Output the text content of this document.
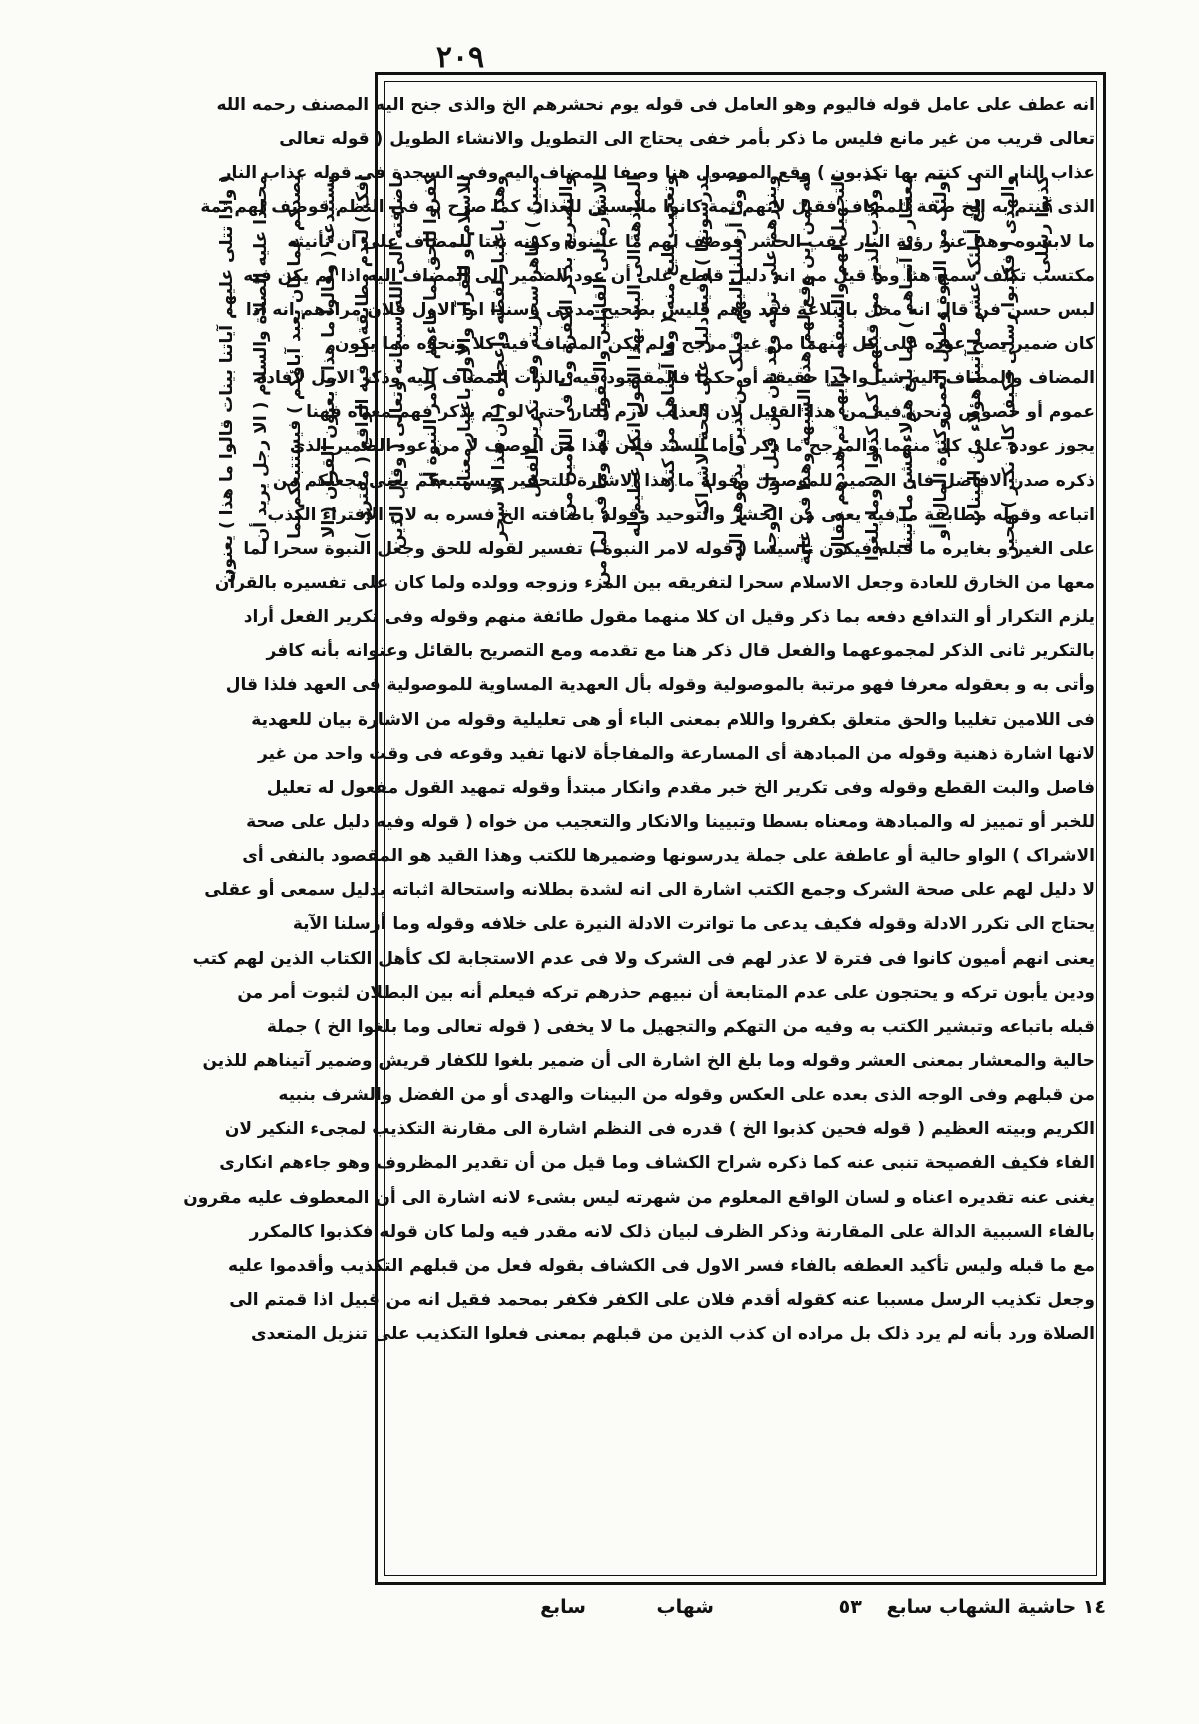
٢٠٩
انه عطف على عامل قوله فالیوم وهو العامل فی قوله یوم نحشرهم الخ والذی جنح الیه المصنف رحمه الله
تعالی قریب من غیر مانع فلیس ما ذکر بأمر خفی یحتاج الی التطویل والانشاء الطویل ( قوله تعالی
عذاب النار التی کنتم بها تکذبون ) وقع الموصول هنا وصفا للمضاف الیه وفی السجدة فی قوله عذاب النار
الذی کنتم به الخ صفة للمضاف فقیل لانهم ثمة کانوا ملابسین للعذاب کما صرح به فی النظم فوصف لهم ثمة
ما لابسوه وهنا عند رؤیة النار عقب الحشر فوصف لهم ما عاینوه وکونه نعتا للمضاف علی أن تأنیثه
مکتسب تکلف سمج هنا وما قیل من انه دلیل قاطع علی أن عود الضمیر الی المضاف الیه اذا لم یکن فیه
لبس حسن فن قال انه مخل بالبلاغة فقد وهم فلیس بصحیح مدعی وسندا اما الاول فلان مرادهم انه اذا
کان ضمیر یصح عوده علی کل منهما من غیر مرجح ولم یکن المضاف فیه کلا ونحوه مما یکون
المضاف والمضاف الیه شیأ واحدا حقیقة أو حکما فالمقصود فیه بالذات المضاف الیه وذکر الاول لافادة
عموم أو خصوص ونحن فیه من هذا القبیل لان العذاب لازم للنار حتی لو لم یذکر فهم معناه فهنا
یجوز عوده علی کل منهما والمرجح ما ذکر وأما السند فلان هذا من الوصف لا من عود الضمیر الذی
ذکره صدر الافاضل فان الضمیر للموصول وقوله ما هذا الاشارة للتحقیر ویستتبعکم یعنی یجعلکم من
اتباعه وقوله مطابقة ما فیه یعنی من الحشر والتوحید وقوله باضافته الخ فسره به لان الافتراء الکذب
علی الغیر و بغایره ما قبله فیکون تأسیسا ( قوله لامر النبوة ) تفسیر لقوله للحق وجعل النبوة سحرا لما
معها من الخارق للعادة وجعل الاسلام سحرا لتفریقه بین المرء وزوجه وولده ولما کان علی تفسیره بالقرآن
یلزم التکرار أو التدافع دفعه بما ذکر وقیل ان کلا منهما مقول طائفة منهم وقوله وفی تکریر الفعل أراد
بالتکریر ثانی الذکر لمجموعهما والفعل قال ذکر هنا مع تقدمه ومع التصریح بالقائل وعنوانه بأنه کافر
وأتی به و بعقوله معرفا فهو مرتبة بالموصولیة وقوله بأل العهدیة المساویة للموصولیة فی العهد فلذا قال
فی اللامین تغلیبا والحق متعلق بکفروا واللام بمعنی الباء أو هی تعلیلیة وقوله من الاشارة بیان للعهدیة
لانها اشارة ذهنیة وقوله من المبادهة أی المسارعة والمفاجأة لانها تفید وقوعه فی وقت واحد من غیر
فاصل والبت القطع وقوله وفی تکریر الخ خبر مقدم وانکار مبتدأ وقوله تمهید القول مفعول له تعلیل
للخبر أو تمییز له والمبادهة ومعناه بسطا وتبیینا والانکار والتعجیب من خواه ( قوله وفیه دلیل علی صحة
الاشراک ) الواو حالیة أو عاطفة علی جملة یدرسونها وضمیرها للکتب وهذا القید هو المقصود بالنفی أی
لا دلیل لهم علی صحة الشرک وجمع الکتب اشارة الی انه لشدة بطلانه واستحالة اثباته بدلیل سمعی أو عقلی
یحتاج الی تکرر الادلة وقوله فکیف یدعی ما تواترت الادلة النیرة علی خلافه وقوله وما أرسلنا الآیة
یعنی انهم أمیون کانوا فی فترة لا عذر لهم فی الشرک ولا فی عدم الاستجابة لک کأهل الکتاب الذین لهم کتب
ودین یأبون ترکه و یحتجون علی عدم المتابعة أن نبیهم حذرهم ترکه فیعلم أنه بین البطلان لثبوت أمر من
قبله باتباعه وتبشیر الکتب به وفیه من التهکم والتجهیل ما لا یخفی ( قوله تعالی وما بلغوا الخ ) جملة
حالیة والمعشار بمعنی العشر وقوله وما بلغ الخ اشارة الی أن ضمیر بلغوا للکفار قریش وضمیر آتیناهم للذین
من قبلهم وفی الوجه الذی بعده علی العکس وقوله من البینات والهدی أو من الفضل والشرف بنبیه
الکریم وبیته العظیم ( قوله فحین کذبوا الخ ) قدره فی النظم اشارة الی مقارنة التکذیب لمجیء النکیر لان
الفاء فکیف الفصیحة تنبی عنه کما ذکره شراح الکشاف وما قیل من أن تقدیر المظروف وهو جاءهم انکاری
یغنی عنه تقدیره اعناه و لسان الواقع المعلوم من شهرته لیس بشیء لانه اشارة الی أن المعطوف علیه مقرون
بالفاء السببیة الدالة علی المقارنة وذکر الظرف لبیان ذلک لانه مقدر فیه ولما کان قوله فکذبوا کالمکرر
مع ما قبله ولیس تأکید العطفه بالفاء فسر الاول فی الکشاف بقوله فعل من قبلهم التکذیب وأقدموا علیه
وجعل تکذیب الرسل مسببا عنه کقوله أقدم فلان علی الکفر فکفر بمحمد فقیل انه من قبیل اذا قمتم الی
الصلاة ورد بأنه لم یرد ذلک بل مراده ان کذب الذین من قبلهم بمعنی فعلوا التکذیب علی تنزیل المتعدی
( واذا تتلی علیهم آیاتنا بینات قالوا ما هذا ) یعنون محمدا علیه الصلاة والسلام ( الا رجل یرید أن یصدکم عما کان یعبد آباؤکم ) فیستتبعکم بما یستبدعه ( وقالوا ما هذا ) یعنون القرآن ( الا افک ) لعدم مطابقة ما فیه الواقع ( مفتری ) باضافته الی الله سبحانه وتعالی ( وقال الذین کفروا للحق لما جاءهم ) لامر النبوة أو للاسلام أو للقرآن والاول باعتبار معناه وهذا باعتبار لفظه واعجازه ( ان هذا الا سحر مبین ) ظاهر سحریته وفی تکریر الفعل والتصریح بذکر الکفرة وما فی اللامین من الاشارة الی القائلین والمقول فیه وما فی لما من المبادهة الی البت بهذا القول انکار عظیم له وتعجیب بلیغ منه ( وما آتیناهم من کتب یدرسونها ) وفیه دلیل علی صحة الاشراک ( وما أرسلنا الیهم قبلک من نذیر ) یدعوهم الیه وینذرهم علی ترکه وقد بان من قبل أن لا وجه له فمن این وقع لهم هذه الشبهة وهذا فی غایة التجهیل لهم والتسفیه لرأیهم ثم هددهم فقال ( وکذب الذین من قبلهم ) کما کذبوا ( وما بلغوا معشار ما آتیناهم ) وما بلغ هؤلاء عشر ما آتینا اولئک من القوة وطول العمر وکثرة المال أو ما بلغ أولئک عشر ما آتینا هؤلاء من البینات والهدی ( فکذبوا رسلی فکیف کان نکیر ) فحین کذبوا رسلی
١٤ حاشیة الشهاب سابع ٥٣
شهاب
سابع
